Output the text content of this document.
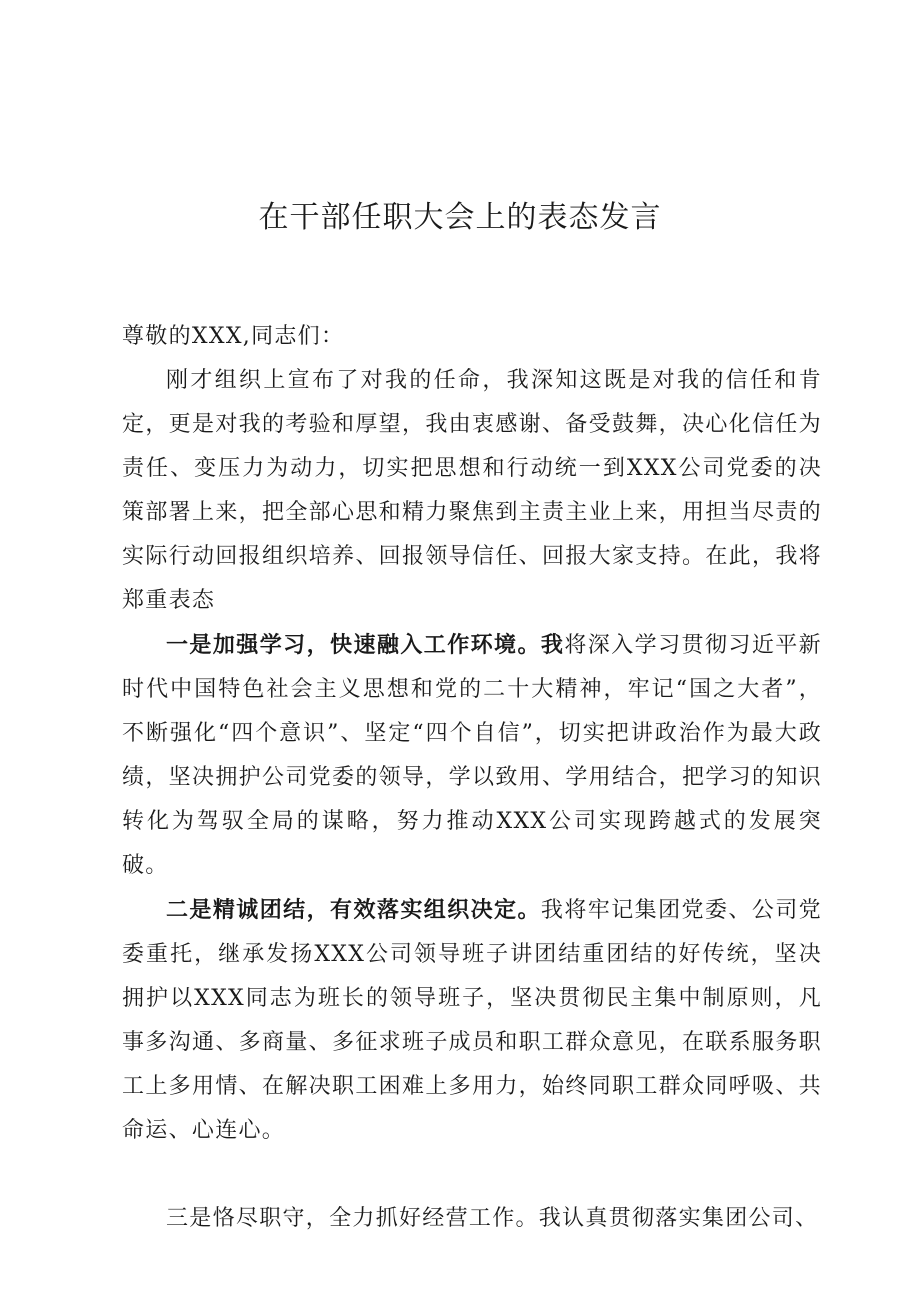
在干部任职大会上的表态发言

尊敬的XXX,同志们：

刚才组织上宣布了对我的任命，我深知这既是对我的信任和肯定，更是对我的考验和厚望，我由衷感谢、备受鼓舞，决心化信任为责任、变压力为动力，切实把思想和行动统一到XXX公司党委的决策部署上来，把全部心思和精力聚焦到主责主业上来，用担当尽责的实际行动回报组织培养、回报领导信任、回报大家支持。在此，我将郑重表态

一是加强学习，快速融入工作环境。我将深入学习贯彻习近平新时代中国特色社会主义思想和党的二十大精神，牢记“国之大者”，不断强化“四个意识”、坚定“四个自信”，切实把讲政治作为最大政绩，坚决拥护公司党委的领导，学以致用、学用结合，把学习的知识转化为驾驭全局的谋略，努力推动XXX公司实现跨越式的发展突破。

二是精诚团结，有效落实组织决定。我将牢记集团党委、公司党委重托，继承发扬XXX公司领导班子讲团结重团结的好传统，坚决拥护以XXX同志为班长的领导班子，坚决贯彻民主集中制原则，凡事多沟通、多商量、多征求班子成员和职工群众意见，在联系服务职工上多用情、在解决职工困难上多用力，始终同职工群众同呼吸、共命运、心连心。

三是恪尽职守，全力抓好经营工作。我认真贯彻落实集团公司、
